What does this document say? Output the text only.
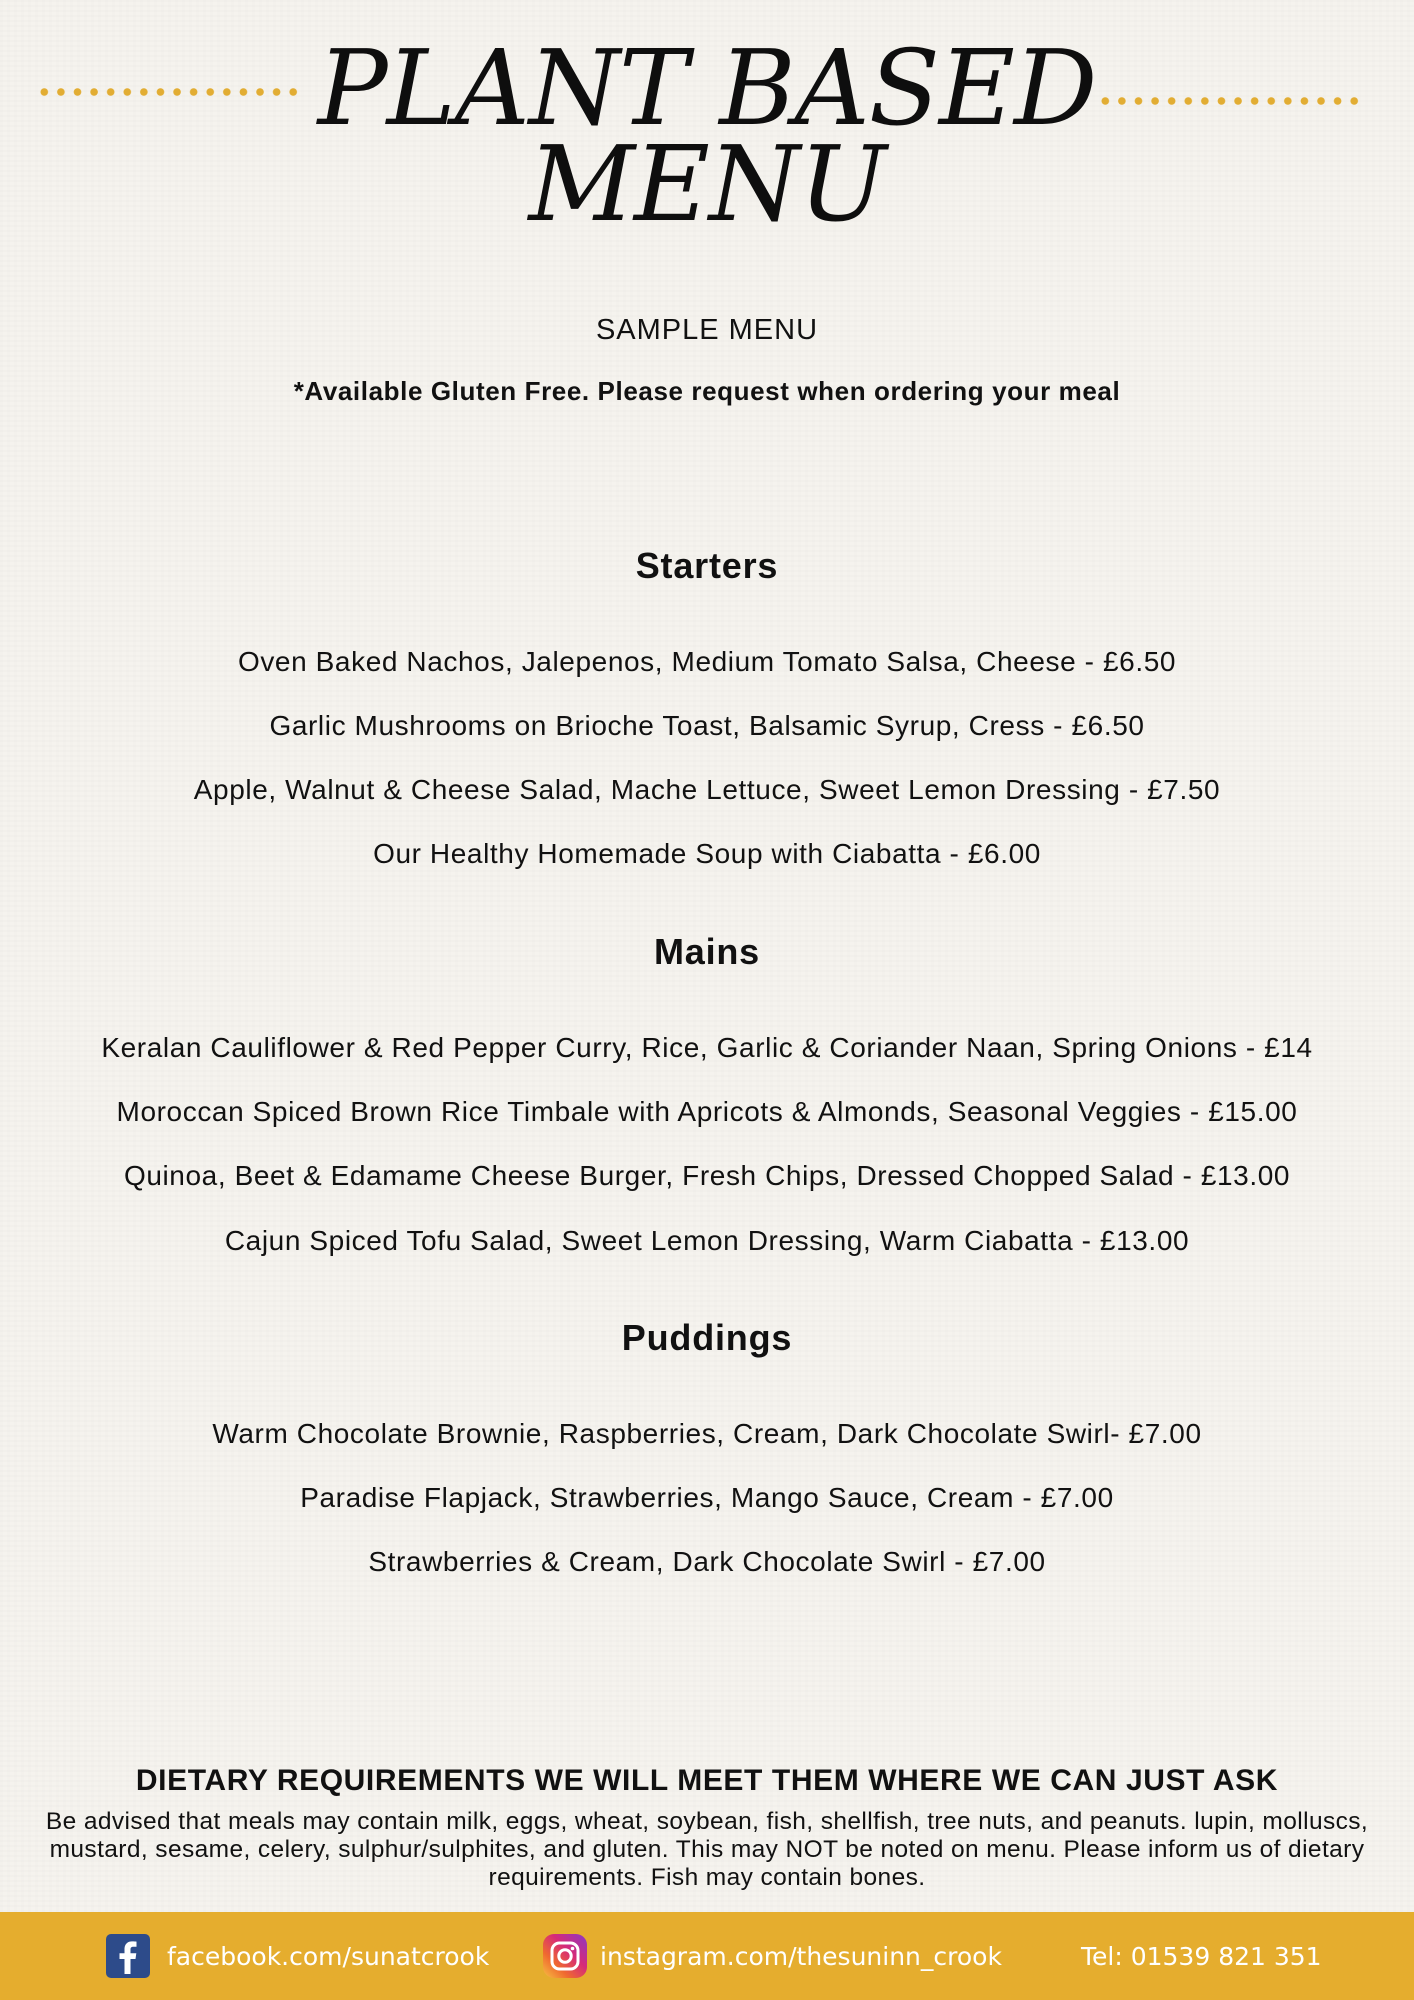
PLANT BASED
MENU
SAMPLE MENU
*Available Gluten Free. Please request when ordering your meal
Starters
Oven Baked Nachos, Jalepenos, Medium Tomato Salsa, Cheese - £6.50
Garlic Mushrooms on Brioche Toast, Balsamic Syrup, Cress - £6.50
Apple, Walnut & Cheese Salad, Mache Lettuce, Sweet Lemon Dressing - £7.50
Our Healthy Homemade Soup with Ciabatta - £6.00
Mains
Keralan Cauliflower & Red Pepper Curry, Rice, Garlic & Coriander Naan, Spring Onions - £14
Moroccan Spiced Brown Rice Timbale with Apricots & Almonds, Seasonal Veggies - £15.00
Quinoa, Beet & Edamame Cheese Burger, Fresh Chips, Dressed Chopped Salad - £13.00
Cajun Spiced Tofu Salad, Sweet Lemon Dressing, Warm Ciabatta - £13.00
Puddings
Warm Chocolate Brownie, Raspberries, Cream, Dark Chocolate Swirl- £7.00
Paradise Flapjack, Strawberries, Mango Sauce, Cream - £7.00
Strawberries & Cream, Dark Chocolate Swirl - £7.00
DIETARY REQUIREMENTS WE WILL MEET THEM WHERE WE CAN JUST ASK
Be advised that meals may contain milk, eggs, wheat, soybean, fish, shellfish, tree nuts, and peanuts. lupin, molluscs, mustard, sesame, celery, sulphur/sulphites, and gluten. This may NOT be noted on menu. Please inform us of dietary requirements. Fish may contain bones.
facebook.com/sunatcrook	instagram.com/thesuninn_crook	Tel: 01539 821 351
